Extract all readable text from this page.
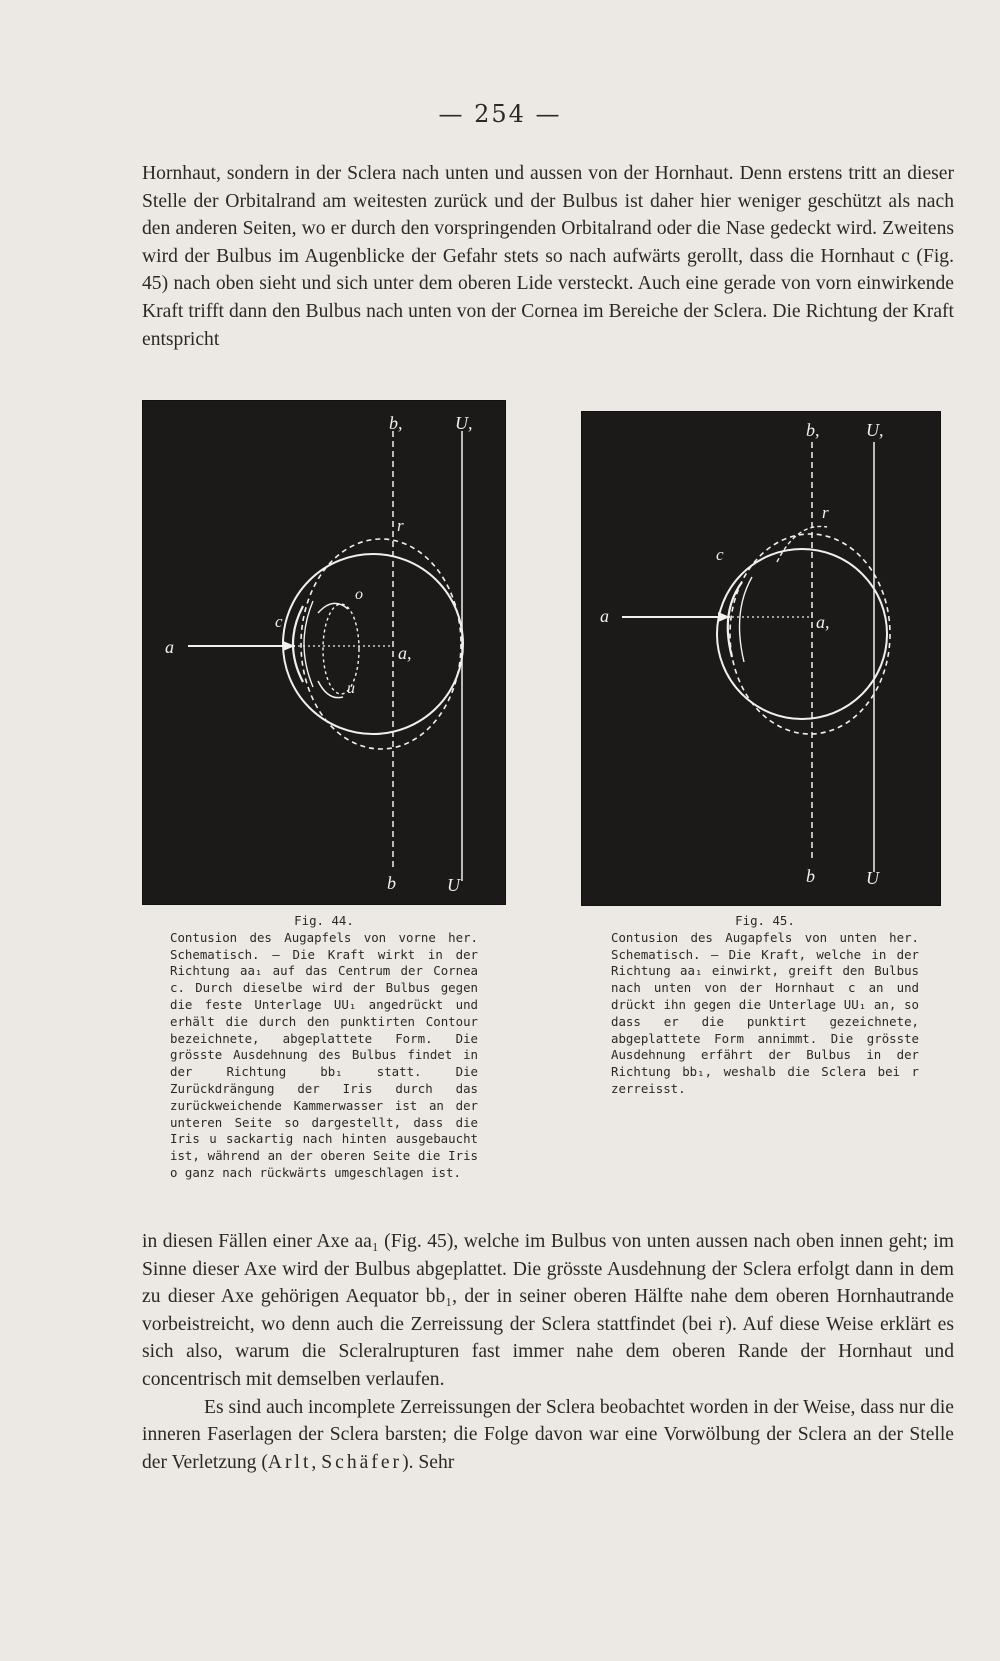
— 254 —

Hornhaut, sondern in der Sclera nach unten und aussen von der Hornhaut. Denn erstens tritt an dieser Stelle der Orbitalrand am weitesten zurück und der Bulbus ist daher hier weniger geschützt als nach den anderen Seiten, wo er durch den vorspringenden Orbitalrand oder die Nase gedeckt wird. Zweitens wird der Bulbus im Augenblicke der Gefahr stets so nach aufwärts gerollt, dass die Hornhaut c (Fig. 45) nach oben sieht und sich unter dem oberen Lide versteckt. Auch eine gerade von vorn einwirkende Kraft trifft dann den Bulbus nach unten von der Cornea im Bereiche der Sclera. Die Richtung der Kraft entspricht

b,	U,
r
o
c
a	a,
u
b	U
b,	U,
r
c
a	a,
b	U
Fig. 44.
Contusion des Augapfels von vorne her. Schematisch. — Die Kraft wirkt in der Richtung aa₁ auf das Centrum der Cornea c. Durch dieselbe wird der Bulbus gegen die feste Unterlage UU₁ angedrückt und erhält die durch den punktirten Contour bezeichnete, abgeplattete Form. Die grösste Ausdehnung des Bulbus findet in der Richtung bb₁ statt. Die Zurückdrängung der Iris durch das zurückweichende Kammerwasser ist an der unteren Seite so dargestellt, dass die Iris u sackartig nach hinten ausgebaucht ist, während an der oberen Seite die Iris o ganz nach rückwärts umgeschlagen ist.
Fig. 45.
Contusion des Augapfels von unten her. Schematisch. — Die Kraft, welche in der Richtung aa₁ einwirkt, greift den Bulbus nach unten von der Hornhaut c an und drückt ihn gegen die Unterlage UU₁ an, so dass er die punktirt gezeichnete, abgeplattete Form annimmt. Die grösste Ausdehnung erfährt der Bulbus in der Richtung bb₁, weshalb die Sclera bei r zerreisst.
in diesen Fällen einer Axe aa₁ (Fig. 45), welche im Bulbus von unten aussen nach oben innen geht; im Sinne dieser Axe wird der Bulbus abgeplattet. Die grösste Ausdehnung der Sclera erfolgt dann in dem zu dieser Axe gehörigen Aequator bb₁, der in seiner oberen Hälfte nahe dem oberen Hornhautrande vorbeistreicht, wo denn auch die Zerreissung der Sclera stattfindet (bei r). Auf diese Weise erklärt es sich also, warum die Scleralrupturen fast immer nahe dem oberen Rande der Hornhaut und concentrisch mit demselben verlaufen.
Es sind auch incomplete Zerreissungen der Sclera beobachtet worden in der Weise, dass nur die inneren Faserlagen der Sclera barsten; die Folge davon war eine Vorwölbung der Sclera an der Stelle der Verletzung (Arlt, Schäfer). Sehr
